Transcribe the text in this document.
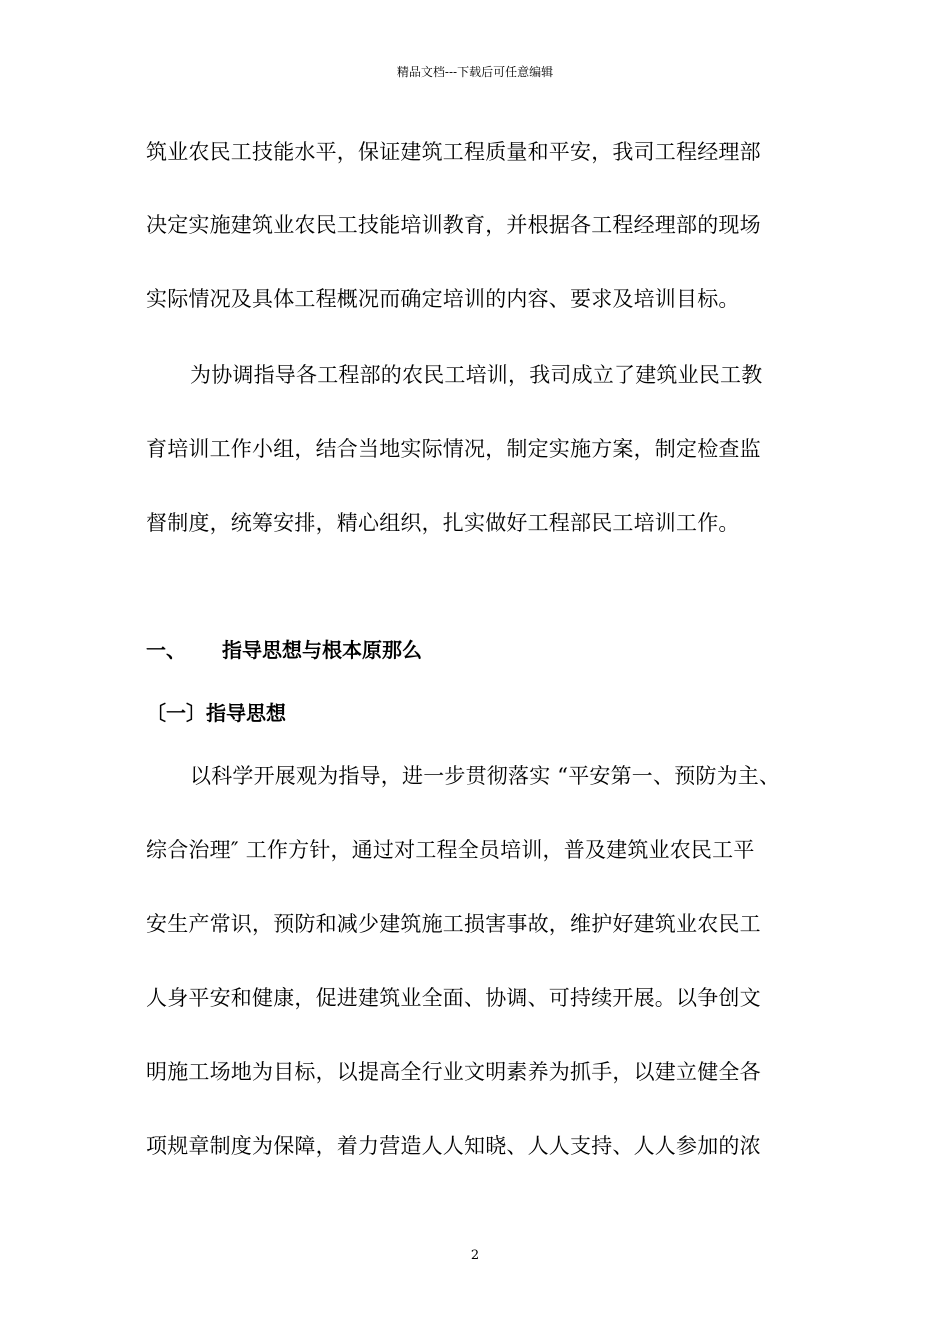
精品文档---下载后可任意编辑
筑业农民工技能水平，保证建筑工程质量和平安，我司工程经理部
决定实施建筑业农民工技能培训教育，并根据各工程经理部的现场
实际情况及具体工程概况而确定培训的内容、要求及培训目标。
为协调指导各工程部的农民工培训，我司成立了建筑业民工教
育培训工作小组，结合当地实际情况，制定实施方案，制定检查监
督制度，统筹安排，精心组织，扎实做好工程部民工培训工作。
一、 指导思想与根本原那么
〔一〕指导思想
以科学开展观为指导，进一步贯彻落实 “平安第一、预防为主、
综合治理″ 工作方针，通过对工程全员培训，普及建筑业农民工平
安生产常识，预防和减少建筑施工损害事故，维护好建筑业农民工
人身平安和健康，促进建筑业全面、协调、可持续开展。以争创文
明施工场地为目标，以提高全行业文明素养为抓手，以建立健全各
项规章制度为保障，着力营造人人知晓、人人支持、人人参加的浓
2
